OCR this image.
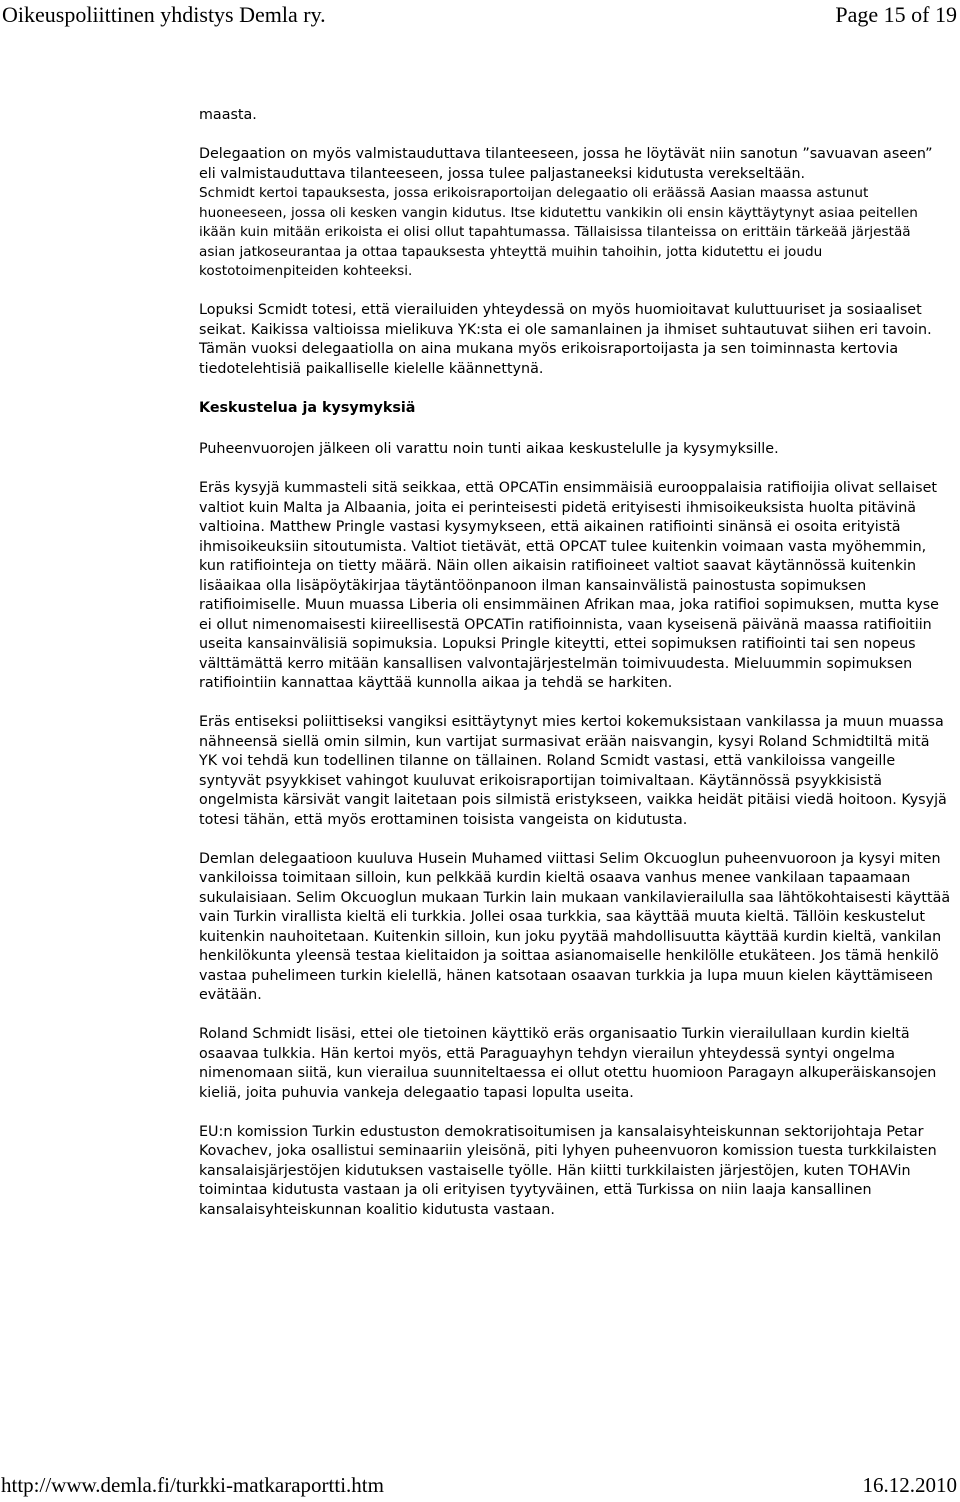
Oikeuspoliittinen yhdistys Demla ry.	Page 15 of 19

maasta.

Delegaation on myös valmistauduttava tilanteeseen, jossa he löytävät niin sanotun ”savuavan aseen” eli valmistauduttava tilanteeseen, jossa tulee paljastaneeksi kidutusta verekseltään.

Schmidt kertoi tapauksesta, jossa erikoisraportoijan delegaatio oli eräässä Aasian maassa astunut huoneeseen, jossa oli kesken vangin kidutus. Itse kidutettu vankikin oli ensin käyttäytynyt asiaa peitellen ikään kuin mitään erikoista ei olisi ollut tapahtumassa. Tällaisissa tilanteissa on erittäin tärkeää järjestää asian jatkoseurantaa ja ottaa tapauksesta yhteyttä muihin tahoihin, jotta kidutettu ei joudu kostotoimenpiteiden kohteeksi.

Lopuksi Scmidt totesi, että vierailuiden yhteydessä on myös huomioitavat kuluttuuriset ja sosiaaliset seikat. Kaikissa valtioissa mielikuva YK:sta ei ole samanlainen ja ihmiset suhtautuvat siihen eri tavoin. Tämän vuoksi delegaatiolla on aina mukana myös erikoisraportoijasta ja sen toiminnasta kertovia tiedotelehtisiä paikalliselle kielelle käännettynä.

Keskustelua ja kysymyksiä

Puheenvuorojen jälkeen oli varattu noin tunti aikaa keskustelulle ja kysymyksille.

Eräs kysyjä kummasteli sitä seikkaa, että OPCATin ensimmäisiä eurooppalaisia ratifioijia olivat sellaiset valtiot kuin Malta ja Albaania, joita ei perinteisesti pidetä erityisesti ihmisoikeuksista huolta pitävinä valtioina. Matthew Pringle vastasi kysymykseen, että aikainen ratifiointi sinänsä ei osoita erityistä ihmisoikeuksiin sitoutumista. Valtiot tietävät, että OPCAT tulee kuitenkin voimaan vasta myöhemmin, kun ratifiointeja on tietty määrä. Näin ollen aikaisin ratifioineet valtiot saavat käytännössä kuitenkin lisäaikaa olla lisäpöytäkirjaa täytäntöönpanoon ilman kansainvälistä painostusta sopimuksen ratifioimiselle. Muun muassa Liberia oli ensimmäinen Afrikan maa, joka ratifioi sopimuksen, mutta kyse ei ollut nimenomaisesti kiireellisestä OPCATin ratifioinnista, vaan kyseisenä päivänä maassa ratifioitiin useita kansainvälisiä sopimuksia. Lopuksi Pringle kiteytti, ettei sopimuksen ratifiointi tai sen nopeus välttämättä kerro mitään kansallisen valvontajärjestelmän toimivuudesta. Mieluummin sopimuksen ratifiointiin kannattaa käyttää kunnolla aikaa ja tehdä se harkiten.

Eräs entiseksi poliittiseksi vangiksi esittäytynyt mies kertoi kokemuksistaan vankilassa ja muun muassa nähneensä siellä omin silmin, kun vartijat surmasivat erään naisvangin, kysyi Roland Schmidtiltä mitä YK voi tehdä kun todellinen tilanne on tällainen. Roland Scmidt vastasi, että vankiloissa vangeille syntyvät psyykkiset vahingot kuuluvat erikoisraportijan toimivaltaan. Käytännössä psyykkisistä ongelmista kärsivät vangit laitetaan pois silmistä eristykseen, vaikka heidät pitäisi viedä hoitoon. Kysyjä totesi tähän, että myös erottaminen toisista vangeista on kidutusta.

Demlan delegaatioon kuuluva Husein Muhamed viittasi Selim Okcuoglun puheenvuoroon ja kysyi miten vankiloissa toimitaan silloin, kun pelkkää kurdin kieltä osaava vanhus menee vankilaan tapaamaan sukulaisiaan. Selim Okcuoglun mukaan Turkin lain mukaan vankilavierailulla saa lähtökohtaisesti käyttää vain Turkin virallista kieltä eli turkkia. Jollei osaa turkkia, saa käyttää muuta kieltä. Tällöin keskustelut kuitenkin nauhoitetaan. Kuitenkin silloin, kun joku pyytää mahdollisuutta käyttää kurdin kieltä, vankilan henkilökunta yleensä testaa kielitaidon ja soittaa asianomaiselle henkilölle etukäteen. Jos tämä henkilö vastaa puhelimeen turkin kielellä, hänen katsotaan osaavan turkkia ja lupa muun kielen käyttämiseen evätään.

Roland Schmidt lisäsi, ettei ole tietoinen käyttikö eräs organisaatio Turkin vierailullaan kurdin kieltä osaavaa tulkkia. Hän kertoi myös, että Paraguayhyn tehdyn vierailun yhteydessä syntyi ongelma nimenomaan siitä, kun vierailua suunniteltaessa ei ollut otettu huomioon Paragayn alkuperäiskansojen kieliä, joita puhuvia vankeja delegaatio tapasi lopulta useita.

EU:n komission Turkin edustuston demokratisoitumisen ja kansalaisyhteiskunnan sektorijohtaja Petar Kovachev, joka osallistui seminaariin yleisönä, piti lyhyen puheenvuoron komission tuesta turkkilaisten kansalaisjärjestöjen kidutuksen vastaiselle työlle. Hän kiitti turkkilaisten järjestöjen, kuten TOHAVin toimintaa kidutusta vastaan ja oli erityisen tyytyväinen, että Turkissa on niin laaja kansallinen kansalaisyhteiskunnan koalitio kidutusta vastaan.

http://www.demla.fi/turkki-matkaraportti.htm	16.12.2010
